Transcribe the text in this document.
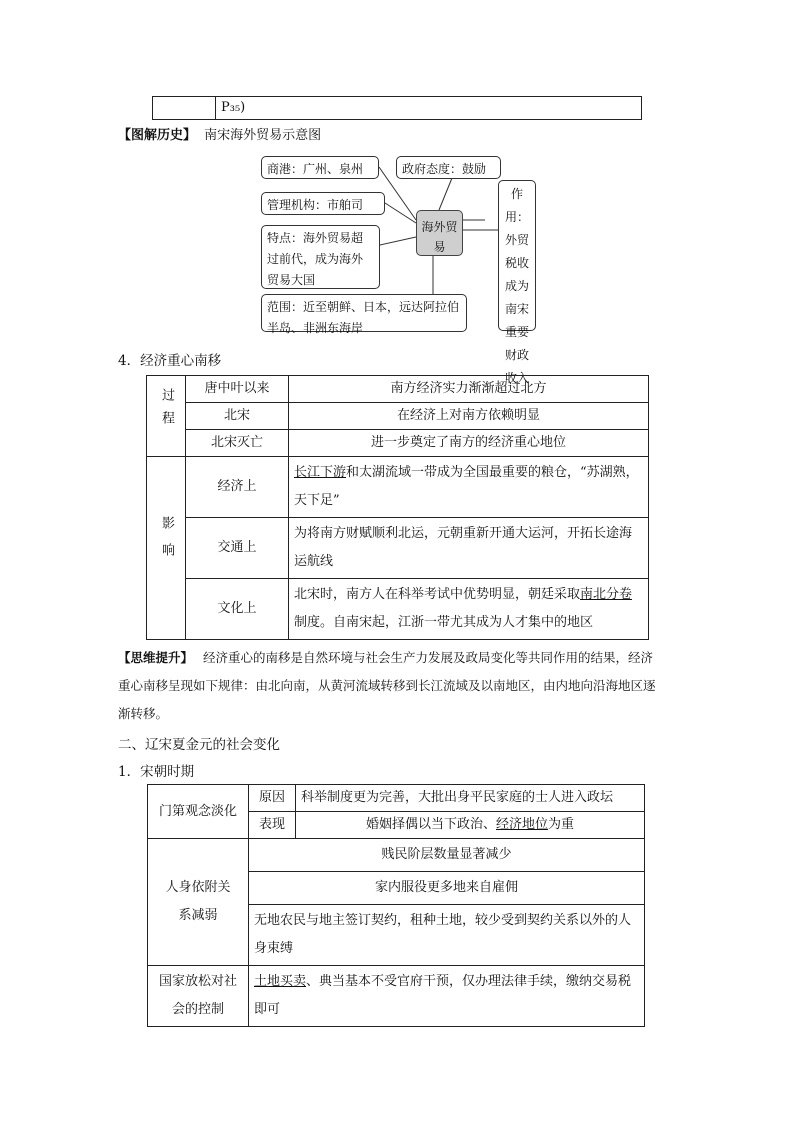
	P₃₅)
【图解历史】 南宋海外贸易示意图
商港：广州、泉州	政府态度：鼓励
管理机构：市舶司
特点：海外贸易超过前代，成为海外贸易大国
海外贸易
范围：近至朝鲜、日本，远达阿拉伯半岛、非洲东海岸
作用：外贸税收成为南宋重要财政收入
4．经济重心南移
过程	唐中叶以来	南方经济实力渐渐超过北方
	北宋	在经济上对南方依赖明显
	北宋灭亡	进一步奠定了南方的经济重心地位
影响	经济上	长江下游和太湖流域一带成为全国最重要的粮仓，“苏湖熟，天下足”
	交通上	为将南方财赋顺利北运，元朝重新开通大运河，开拓长途海运航线
	文化上	北宋时，南方人在科举考试中优势明显，朝廷采取南北分卷制度。自南宋起，江浙一带尤其成为人才集中的地区
【思维提升】 经济重心的南移是自然环境与社会生产力发展及政局变化等共同作用的结果，经济重心南移呈现如下规律：由北向南，从黄河流域转移到长江流域及以南地区，由内地向沿海地区逐渐转移。
二、辽宋夏金元的社会变化
1．宋朝时期
门第观念淡化	原因	科举制度更为完善，大批出身平民家庭的士人进入政坛
	表现	婚姻择偶以当下政治、经济地位为重
人身依附关系减弱	贱民阶层数量显著减少	
	家内服役更多地来自雇佣	
	无地农民与地主签订契约，租种土地，较少受到契约关系以外的人身束缚	
国家放松对社会的控制	土地买卖、典当基本不受官府干预，仅办理法律手续，缴纳交易税即可	
